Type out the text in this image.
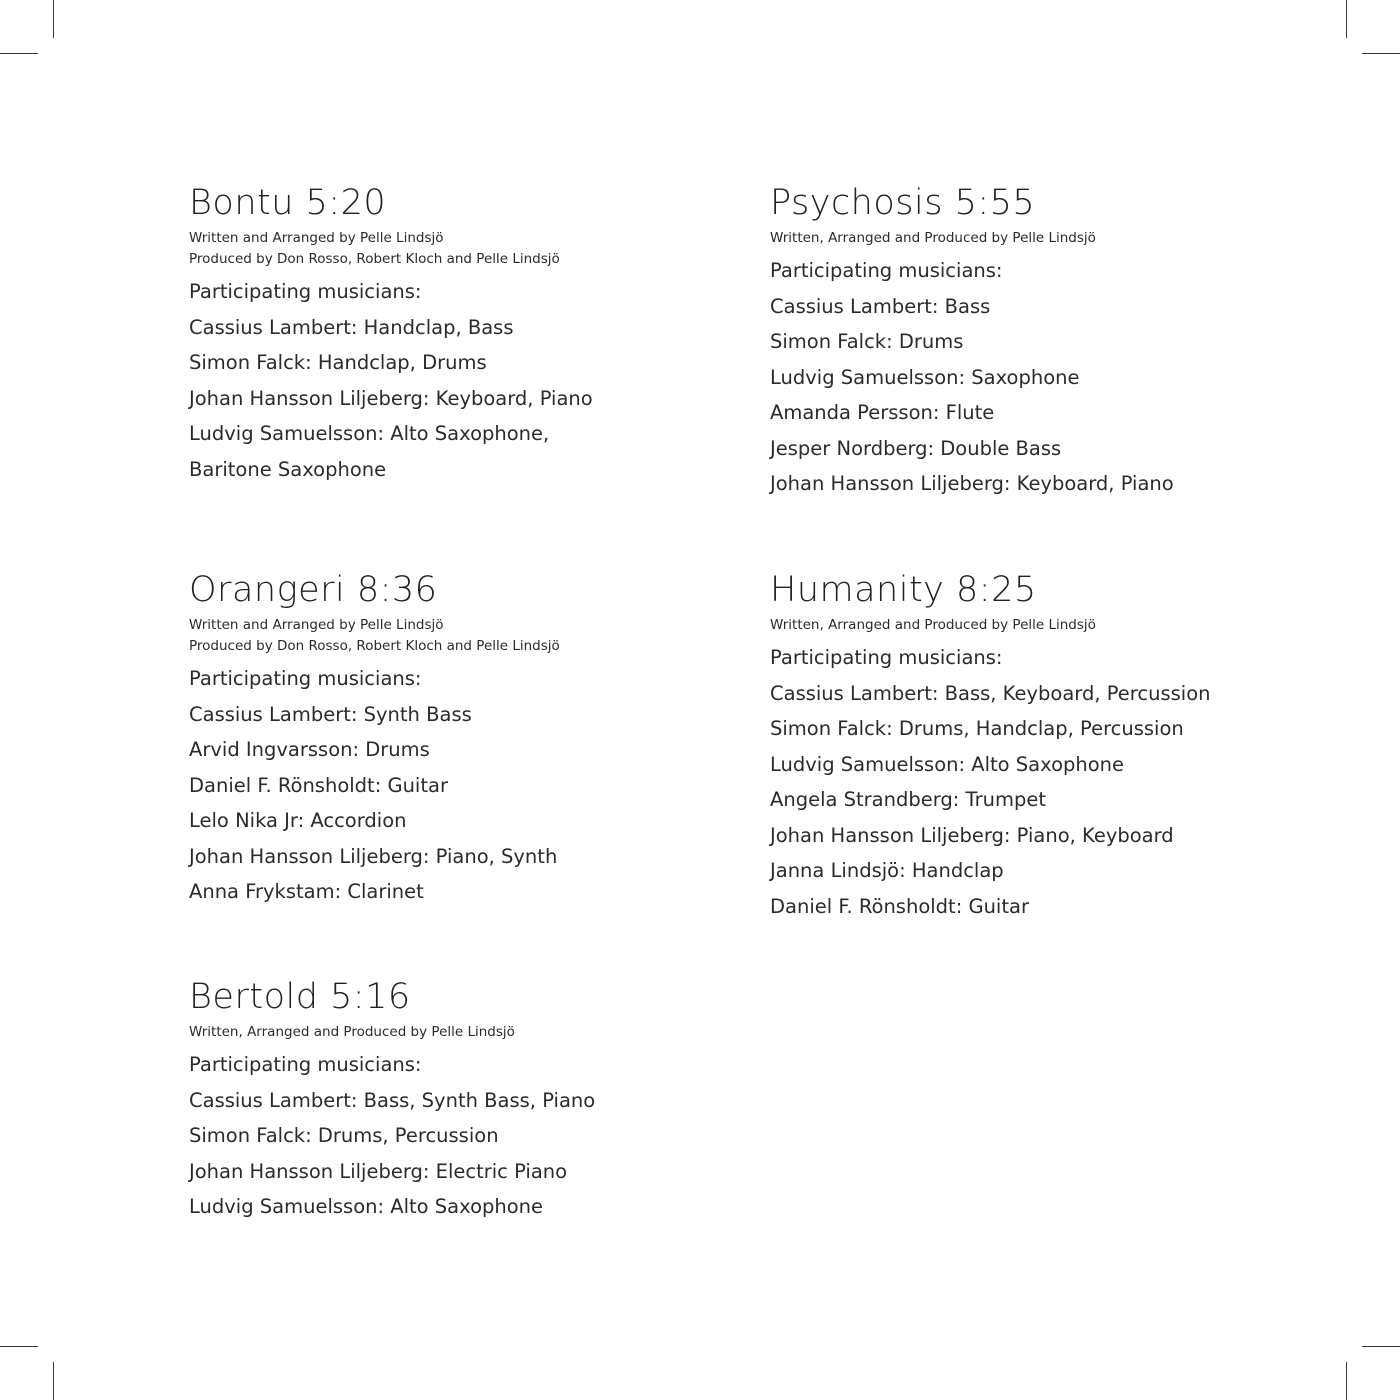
Bontu 5:20

Written and Arranged by Pelle Lindsjö

Produced by Don Rosso, Robert Kloch and Pelle Lindsjö

Participating musicians:
Cassius Lambert: Handclap, Bass
Simon Falck: Handclap, Drums
Johan Hansson Liljeberg: Keyboard, Piano
Ludvig Samuelsson: Alto Saxophone,
Baritone Saxophone
Psychosis 5:55

Written, Arranged and Produced by Pelle Lindsjö

Participating musicians:
Cassius Lambert: Bass
Simon Falck: Drums
Ludvig Samuelsson: Saxophone
Amanda Persson: Flute
Jesper Nordberg: Double Bass
Johan Hansson Liljeberg: Keyboard, Piano
Orangeri 8:36

Written and Arranged by Pelle Lindsjö

Produced by Don Rosso, Robert Kloch and Pelle Lindsjö

Participating musicians:
Cassius Lambert: Synth Bass
Arvid Ingvarsson: Drums
Daniel F. Rönsholdt: Guitar
Lelo Nika Jr: Accordion
Johan Hansson Liljeberg: Piano, Synth
Anna Frykstam: Clarinet
Humanity 8:25

Written, Arranged and Produced by Pelle Lindsjö

Participating musicians:
Cassius Lambert: Bass, Keyboard, Percussion
Simon Falck: Drums, Handclap, Percussion
Ludvig Samuelsson: Alto Saxophone
Angela Strandberg: Trumpet
Johan Hansson Liljeberg: Piano, Keyboard
Janna Lindsjö: Handclap
Daniel F. Rönsholdt: Guitar
Bertold 5:16

Written, Arranged and Produced by Pelle Lindsjö

Participating musicians:
Cassius Lambert: Bass, Synth Bass, Piano
Simon Falck: Drums, Percussion
Johan Hansson Liljeberg: Electric Piano
Ludvig Samuelsson: Alto Saxophone
